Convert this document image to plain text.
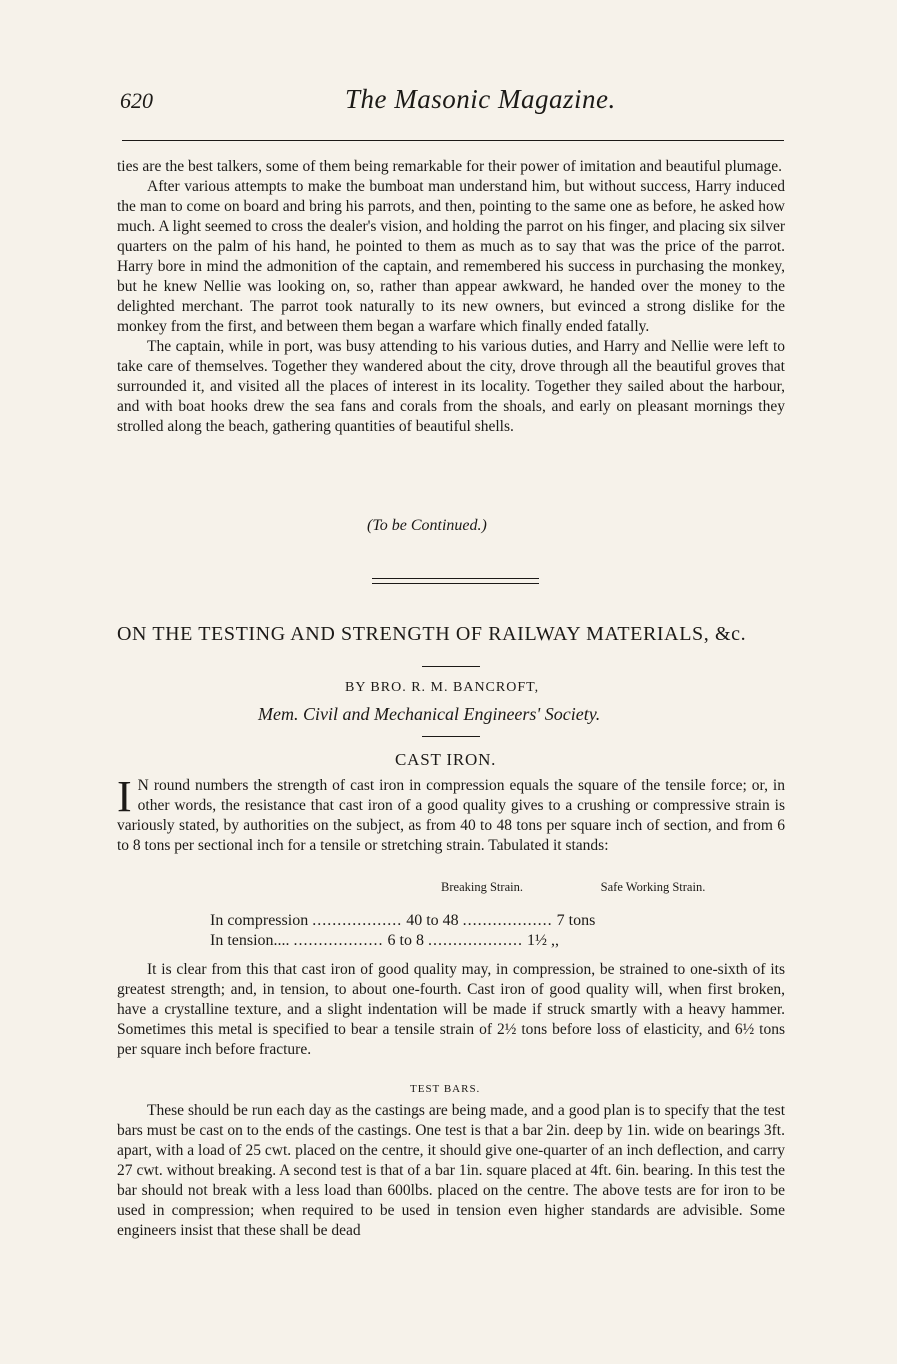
620	The Masonic Magazine.

ties are the best talkers, some of them being remarkable for their power of imitation and beautiful plumage.

After various attempts to make the bumboat man understand him, but without success, Harry induced the man to come on board and bring his parrots, and then, pointing to the same one as before, he asked how much. A light seemed to cross the dealer's vision, and holding the parrot on his finger, and placing six silver quarters on the palm of his hand, he pointed to them as much as to say that was the price of the parrot. Harry bore in mind the admonition of the captain, and remembered his success in purchasing the monkey, but he knew Nellie was looking on, so, rather than appear awkward, he handed over the money to the delighted merchant. The parrot took naturally to its new owners, but evinced a strong dislike for the monkey from the first, and between them began a warfare which finally ended fatally.

The captain, while in port, was busy attending to his various duties, and Harry and Nellie were left to take care of themselves. Together they wandered about the city, drove through all the beautiful groves that surrounded it, and visited all the places of interest in its locality. Together they sailed about the harbour, and with boat hooks drew the sea fans and corals from the shoals, and early on pleasant mornings they strolled along the beach, gathering quantities of beautiful shells.

(To be Continued.)
ON THE TESTING AND STRENGTH OF RAILWAY MATERIALS, &c.
BY BRO. R. M. BANCROFT,
Mem. Civil and Mechanical Engineers' Society.
CAST IRON.
I N round numbers the strength of cast iron in compression equals the square of the tensile force; or, in other words, the resistance that cast iron of a good quality gives to a crushing or compressive strain is variously stated, by authorities on the subject, as from 40 to 48 tons per square inch of section, and from 6 to 8 tons per sectional inch for a tensile or stretching strain. Tabulated it stands:
Breaking Strain.	Safe Working Strain.
In compression .................. 40 to 48 .................. 7 tons
In tension.... .................. 6 to 8 ................... 1½ ,,

It is clear from this that cast iron of good quality may, in compression, be strained to one-sixth of its greatest strength; and, in tension, to about one-fourth. Cast iron of good quality will, when first broken, have a crystalline texture, and a slight indentation will be made if struck smartly with a heavy hammer. Sometimes this metal is specified to bear a tensile strain of 2½ tons before loss of elasticity, and 6½ tons per square inch before fracture.

TEST BARS.

These should be run each day as the castings are being made, and a good plan is to specify that the test bars must be cast on to the ends of the castings. One test is that a bar 2in. deep by 1in. wide on bearings 3ft. apart, with a load of 25 cwt. placed on the centre, it should give one-quarter of an inch deflection, and carry 27 cwt. without breaking. A second test is that of a bar 1in. square placed at 4ft. 6in. bearing. In this test the bar should not break with a less load than 600lbs. placed on the centre. The above tests are for iron to be used in compression; when required to be used in tension even higher standards are advisible. Some engineers insist that these shall be dead
